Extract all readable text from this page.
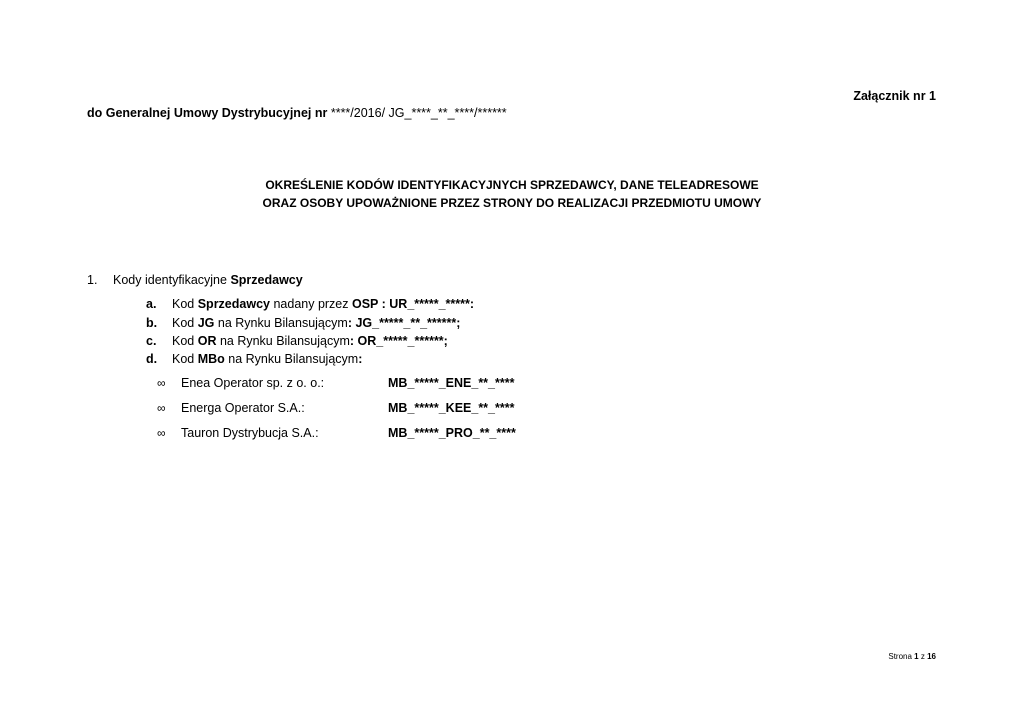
Załącznik nr 1
do Generalnej Umowy Dystrybucyjnej nr ****/2016/ JG_****_**_****/******
OKREŚLENIE KODÓW IDENTYFIKACYJNYCH SPRZEDAWCY, DANE TELEADRESOWE
ORAZ OSOBY UPOWAŻNIONE PRZEZ STRONY DO REALIZACJI PRZEDMIOTU UMOWY
1. Kody identyfikacyjne Sprzedawcy
a. Kod Sprzedawcy nadany przez OSP : UR_*****_*****:
b. Kod JG na Rynku Bilansującym: JG_*****_**_******;
c. Kod OR na Rynku Bilansującym: OR_*****_******;
d. Kod MBo na Rynku Bilansującym:
∞ Enea Operator sp. z o. o.:	MB_*****_ENE_**_****
∞ Energa Operator S.A.:	MB_*****_KEE_**_****
∞ Tauron Dystrybucja S.A.:	MB_*****_PRO_**_****
Strona 1 z 16
